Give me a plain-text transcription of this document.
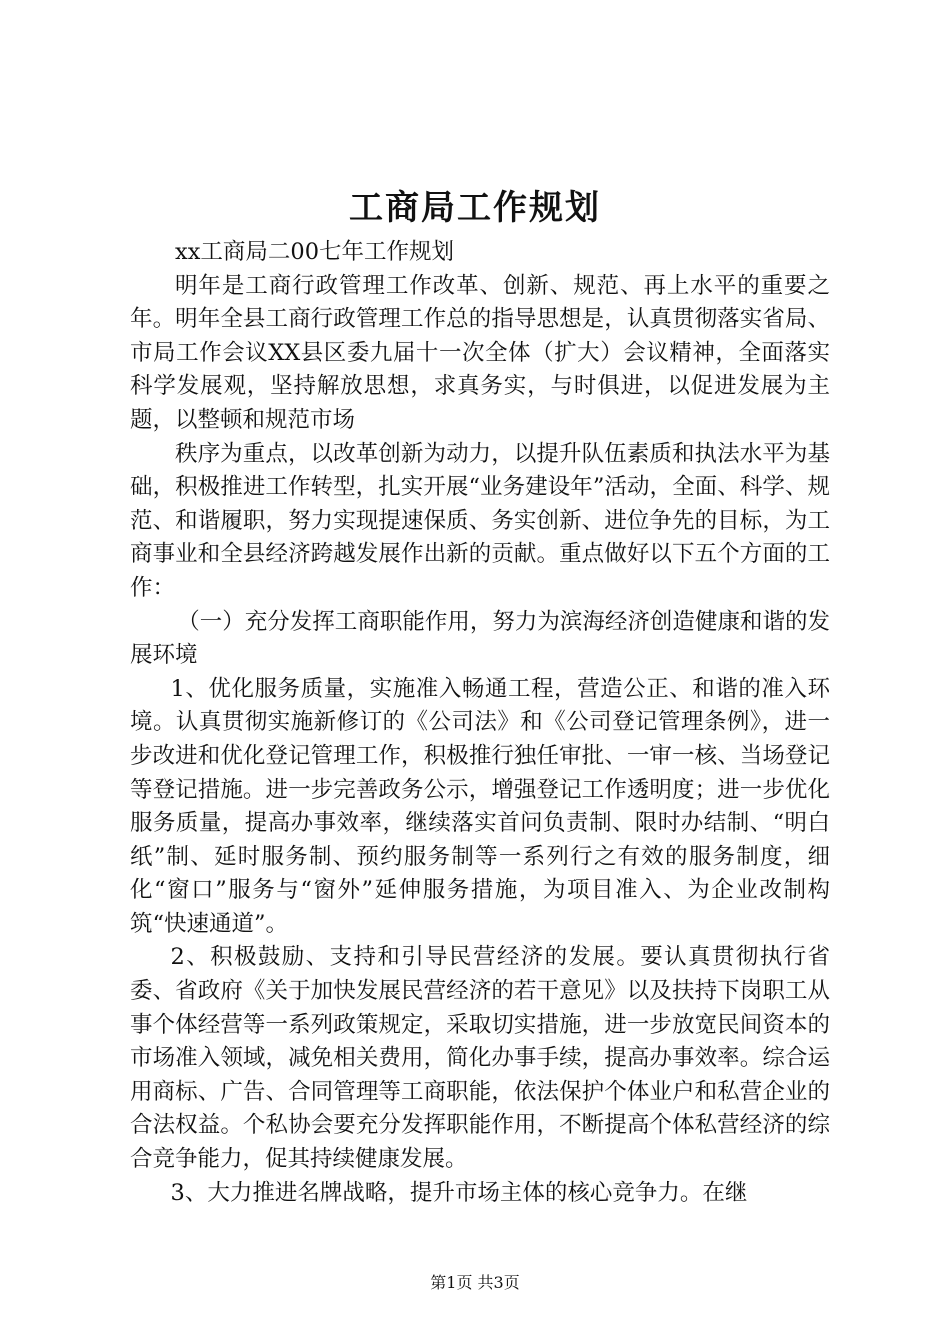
工商局工作规划

xx工商局二00七年工作规划

明年是工商行政管理工作改革、创新、规范、再上水平的重要之年。明年全县工商行政管理工作总的指导思想是，认真贯彻落实省局、市局工作会议XX县区委九届十一次全体（扩大）会议精神，全面落实科学发展观，坚持解放思想，求真务实，与时俱进，以促进发展为主题，以整顿和规范市场

秩序为重点，以改革创新为动力，以提升队伍素质和执法水平为基础，积极推进工作转型，扎实开展“业务建设年”活动，全面、科学、规范、和谐履职，努力实现提速保质、务实创新、进位争先的目标，为工商事业和全县经济跨越发展作出新的贡献。重点做好以下五个方面的工作：

（一）充分发挥工商职能作用，努力为滨海经济创造健康和谐的发展环境

1、优化服务质量，实施准入畅通工程，营造公正、和谐的准入环境。认真贯彻实施新修订的《公司法》和《公司登记管理条例》，进一步改进和优化登记管理工作，积极推行独任审批、一审一核、当场登记等登记措施。进一步完善政务公示，增强登记工作透明度；进一步优化服务质量，提高办事效率，继续落实首问负责制、限时办结制、“明白纸”制、延时服务制、预约服务制等一系列行之有效的服务制度，细化“窗口”服务与“窗外”延伸服务措施，为项目准入、为企业改制构筑“快速通道”。

2、积极鼓励、支持和引导民营经济的发展。要认真贯彻执行省委、省政府《关于加快发展民营经济的若干意见》以及扶持下岗职工从事个体经营等一系列政策规定，采取切实措施，进一步放宽民间资本的市场准入领域，减免相关费用，简化办事手续，提高办事效率。综合运用商标、广告、合同管理等工商职能，依法保护个体业户和私营企业的合法权益。个私协会要充分发挥职能作用，不断提高个体私营经济的综合竞争能力，促其持续健康发展。

3、大力推进名牌战略，提升市场主体的核心竞争力。在继

第1页 共3页
